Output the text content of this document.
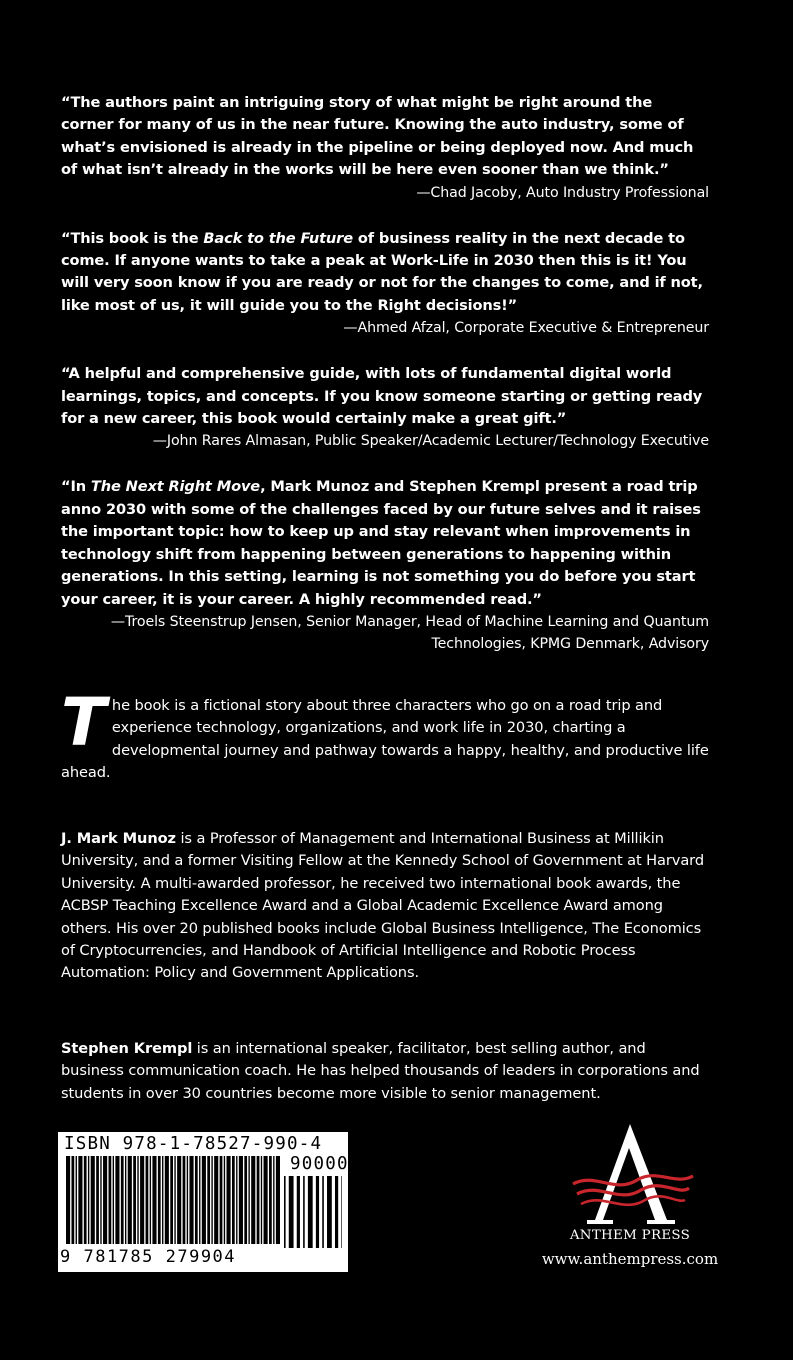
“The authors paint an intriguing story of what might be right around the corner for many of us in the near future. Knowing the auto industry, some of what’s envisioned is already in the pipeline or being deployed now. And much of what isn’t already in the works will be here even sooner than we think.”

—Chad Jacoby, Auto Industry Professional

“This book is the Back to the Future of business reality in the next decade to come. If anyone wants to take a peak at Work-Life in 2030 then this is it! You will very soon know if you are ready or not for the changes to come, and if not, like most of us, it will guide you to the Right decisions!”

—Ahmed Afzal, Corporate Executive & Entrepreneur

“A helpful and comprehensive guide, with lots of fundamental digital world learnings, topics, and concepts. If you know someone starting or getting ready for a new career, this book would certainly make a great gift.”

—John Rares Almasan, Public Speaker/Academic Lecturer/Technology Executive

“In The Next Right Move, Mark Munoz and Stephen Krempl present a road trip anno 2030 with some of the challenges faced by our future selves and it raises the important topic: how to keep up and stay relevant when improvements in technology shift from happening between generations to happening within generations. In this setting, learning is not something you do before you start your career, it is your career. A highly recommended read.”

—Troels Steenstrup Jensen, Senior Manager, Head of Machine Learning and Quantum
Technologies, KPMG Denmark, Advisory
The book is a fictional story about three characters who go on a road trip and experience technology, organizations, and work life in 2030, charting a developmental journey and pathway towards a happy, healthy, and productive life ahead.
J. Mark Munoz is a Professor of Management and International Business at Millikin University, and a former Visiting Fellow at the Kennedy School of Government at Harvard University. A multi-awarded professor, he received two international book awards, the ACBSP Teaching Excellence Award and a Global Academic Excellence Award among others. His over 20 published books include Global Business Intelligence, The Economics of Cryptocurrencies, and Handbook of Artificial Intelligence and Robotic Process Automation: Policy and Government Applications.
Stephen Krempl is an international speaker, facilitator, best selling author, and business communication coach. He has helped thousands of leaders in corporations and students in over 30 countries become more visible to senior management.
ISBN 978-1-78527-990-4
90000
9 781785 279904
ANTHEM PRESS
www.anthempress.com
